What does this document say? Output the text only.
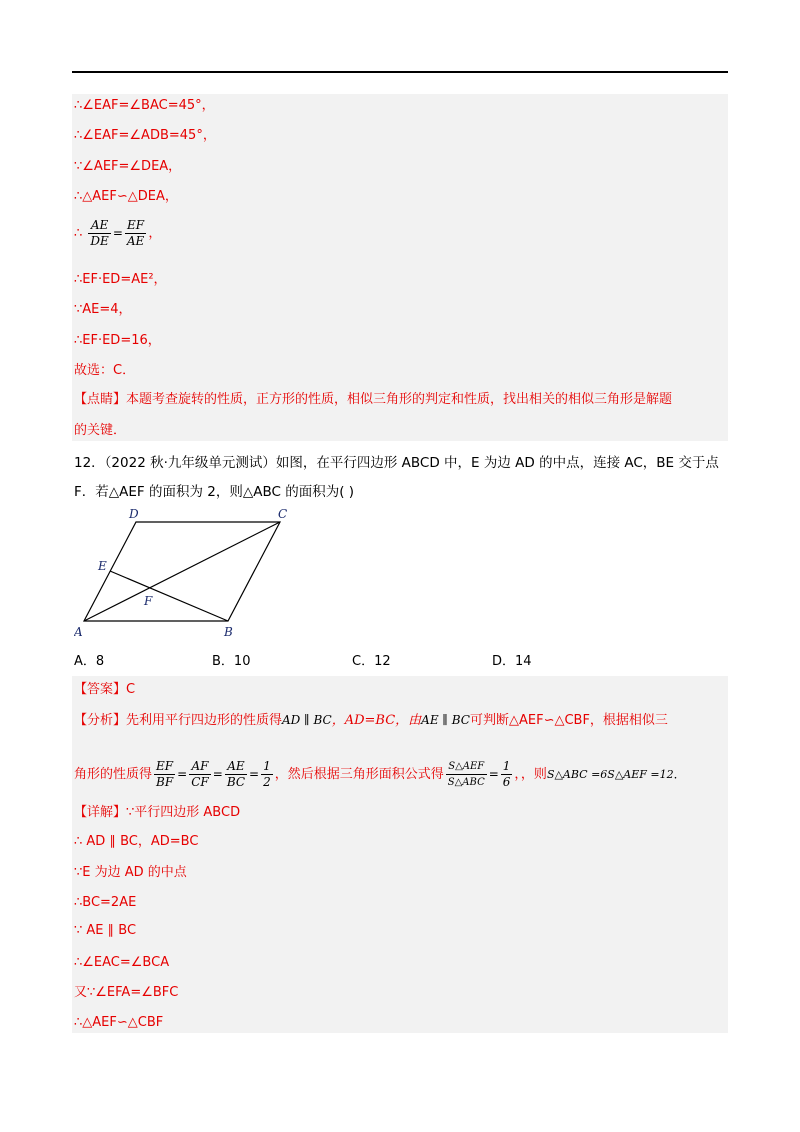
∴∠EAF=∠BAC=45°，
∴∠EAF=∠ADB=45°，
∵∠AEF=∠DEA，
∴△AEF∽△DEA，
∴ $\frac{AE}{DE} = \frac{EF}{AE}$ ，
∴EF·ED=AE²，
∵AE=4，
∴EF·ED=16，
故选：C．
【点睛】本题考查旋转的性质，正方形的性质，相似三角形的判定和性质，找出相关的相似三角形是解题
的关键．
12．（2022 秋·九年级单元测试）如图，在平行四边形 ABCD 中，E 为边 AD 的中点，连接 AC，BE 交于点
F．若△AEF 的面积为 2，则△ABC 的面积为( )
D	C
E
F
A	B
A．8	B．10	C．12	D．14
【答案】C
【分析】先利用平行四边形的性质得AD ∥ BC，AD=BC，由AE ∥ BC可判断△AEF∽△CBF，根据相似三
角形的性质得 $\frac{EF}{BF} = \frac{AF}{CF} = \frac{AE}{BC} = \frac{1}{2}$ ，然后根据三角形面积公式得 $\frac{\text{S△AEF}}{\text{S△ABC}} = \frac{1}{6}$ ，，则S△ABC =6S△AEF =12．
【详解】∵平行四边形 ABCD
∴ AD ∥ BC，AD=BC
∵E 为边 AD 的中点
∴BC=2AE
∵ AE ∥ BC
∴∠EAC=∠BCA
又∵∠EFA=∠BFC
∴△AEF∽△CBF
